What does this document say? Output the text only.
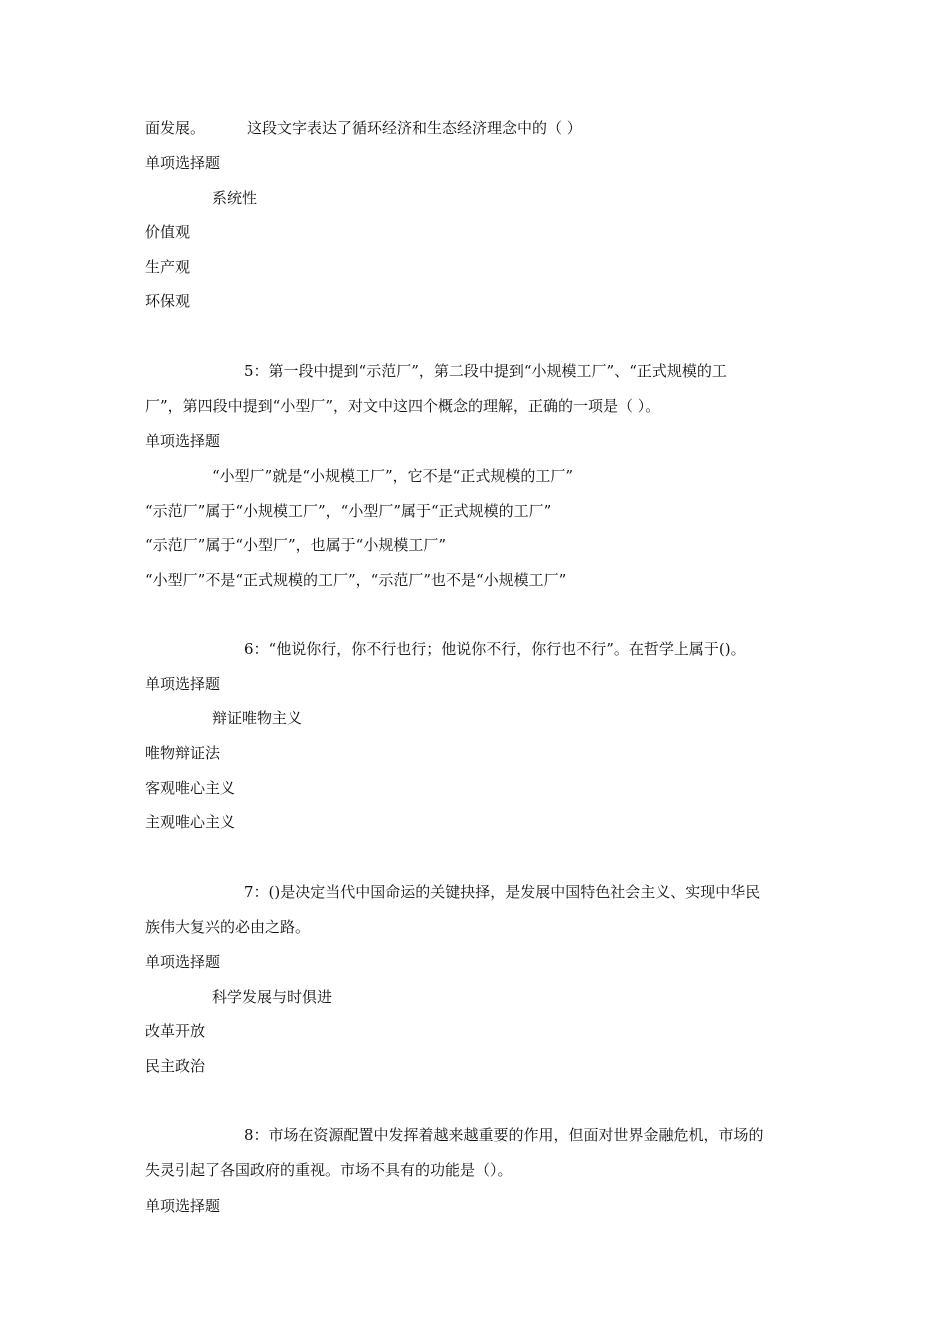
面发展。	这段文字表达了循环经济和生态经济理念中的（ ）
单项选择题
系统性
价值观
生产观
环保观
5：第一段中提到“示范厂”，第二段中提到“小规模工厂”、“正式规模的工
厂”，第四段中提到“小型厂”，对文中这四个概念的理解，正确的一项是（ ）。
单项选择题
“小型厂”就是“小规模工厂”，它不是“正式规模的工厂”
“示范厂”属于“小规模工厂”，“小型厂”属于“正式规模的工厂”
“示范厂”属于“小型厂”，也属于“小规模工厂”
“小型厂”不是“正式规模的工厂”，“示范厂”也不是“小规模工厂”
6：“他说你行，你不行也行；他说你不行，你行也不行”。在哲学上属于()。
单项选择题
辩证唯物主义
唯物辩证法
客观唯心主义
主观唯心主义
7：()是决定当代中国命运的关键抉择，是发展中国特色社会主义、实现中华民
族伟大复兴的必由之路。
单项选择题
科学发展与时俱进
改革开放
民主政治
8：市场在资源配置中发挥着越来越重要的作用，但面对世界金融危机，市场的
失灵引起了各国政府的重视。市场不具有的功能是（）。
单项选择题
